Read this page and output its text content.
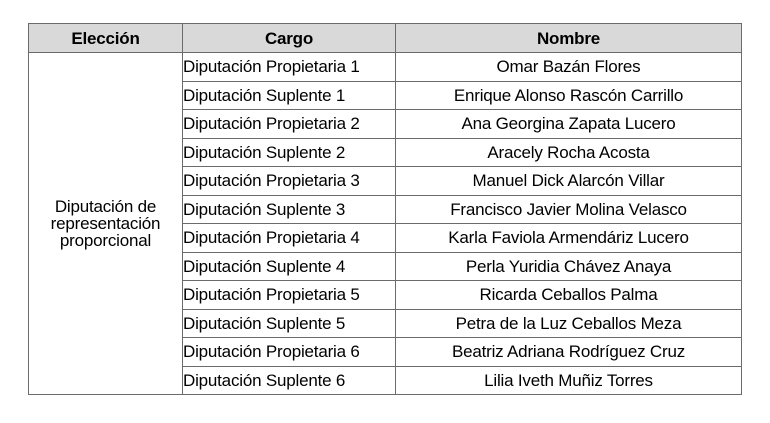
Elección	Cargo	Nombre
Diputación de representación proporcional	Diputación Propietaria 1	Omar Bazán Flores
	Diputación Suplente 1	Enrique Alonso Rascón Carrillo
	Diputación Propietaria 2	Ana Georgina Zapata Lucero
	Diputación Suplente 2	Aracely Rocha Acosta
	Diputación Propietaria 3	Manuel Dick Alarcón Villar
	Diputación Suplente 3	Francisco Javier Molina Velasco
	Diputación Propietaria 4	Karla Faviola Armendáriz Lucero
	Diputación Suplente 4	Perla Yuridia Chávez Anaya
	Diputación Propietaria 5	Ricarda Ceballos Palma
	Diputación Suplente 5	Petra de la Luz Ceballos Meza
	Diputación Propietaria 6	Beatriz Adriana Rodríguez Cruz
	Diputación Suplente 6	Lilia Iveth Muñiz Torres
